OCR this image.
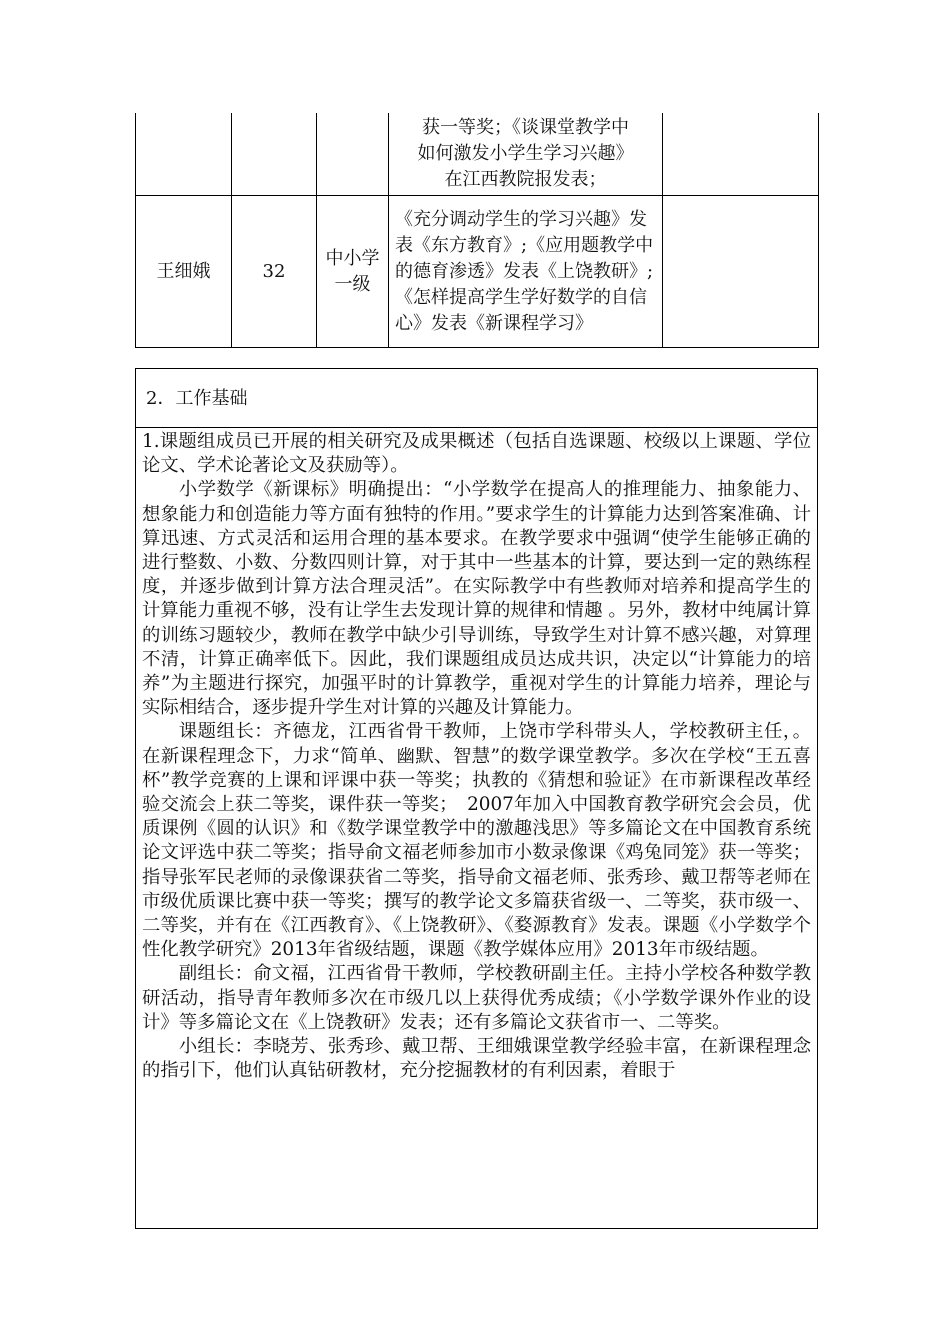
			获一等奖；《谈课堂教学中
如何激发小学生学习兴趣》
在江西教院报发表；	

王细娥	32	中小学一级	《充分调动学生的学习兴趣》发表《东方教育》;《应用题教学中的德育渗透》发表《上饶教研》;《怎样提高学生学好数学的自信心》发表《新课程学习》	
2．工作基础

1.课题组成员已开展的相关研究及成果概述（包括自选课题、校级以上课题、学位论文、学术论著论文及获励等）。

小学数学《新课标》明确提出：“小学数学在提高人的推理能力、抽象能力、想象能力和创造能力等方面有独特的作用。”要求学生的计算能力达到答案准确、计算迅速、方式灵活和运用合理的基本要求。在教学要求中强调“使学生能够正确的进行整数、小数、分数四则计算，对于其中一些基本的计算，要达到一定的熟练程度，并逐步做到计算方法合理灵活”。在实际教学中有些教师对培养和提高学生的计算能力重视不够，没有让学生去发现计算的规律和情趣 。另外，教材中纯属计算的训练习题较少，教师在教学中缺少引导训练，导致学生对计算不感兴趣，对算理不清，计算正确率低下。因此，我们课题组成员达成共识，决定以“计算能力的培养”为主题进行探究，加强平时的计算教学，重视对学生的计算能力培养，理论与实际相结合，逐步提升学生对计算的兴趣及计算能力。

课题组长：齐德龙，江西省骨干教师，上饶市学科带头人，学校教研主任，。在新课程理念下，力求“简单、幽默、智慧”的数学课堂教学。多次在学校“王五喜杯”教学竞赛的上课和评课中获一等奖；执教的《猜想和验证》在市新课程改革经验交流会上获二等奖，课件获一等奖；　2007年加入中国教育教学研究会会员，优质课例《圆的认识》和《数学课堂教学中的激趣浅思》等多篇论文在中国教育系统论文评选中获二等奖；指导俞文福老师参加市小数录像课《鸡兔同笼》获一等奖；指导张军民老师的录像课获省二等奖，指导俞文福老师、张秀珍、戴卫帮等老师在市级优质课比赛中获一等奖；撰写的教学论文多篇获省级一、二等奖，获市级一、二等奖，并有在《江西教育》、《上饶教研》、《婺源教育》发表。课题《小学数学个性化教学研究》2013年省级结题，课题《教学媒体应用》2013年市级结题。

副组长：俞文福，江西省骨干教师，学校教研副主任。主持小学校各种数学教研活动，指导青年教师多次在市级几以上获得优秀成绩；《小学数学课外作业的设计》等多篇论文在《上饶教研》发表；还有多篇论文获省市一、二等奖。

小组长：李晓芳、张秀珍、戴卫帮、王细娥课堂教学经验丰富，在新课程理念的指引下，他们认真钻研教材，充分挖掘教材的有利因素，着眼于
